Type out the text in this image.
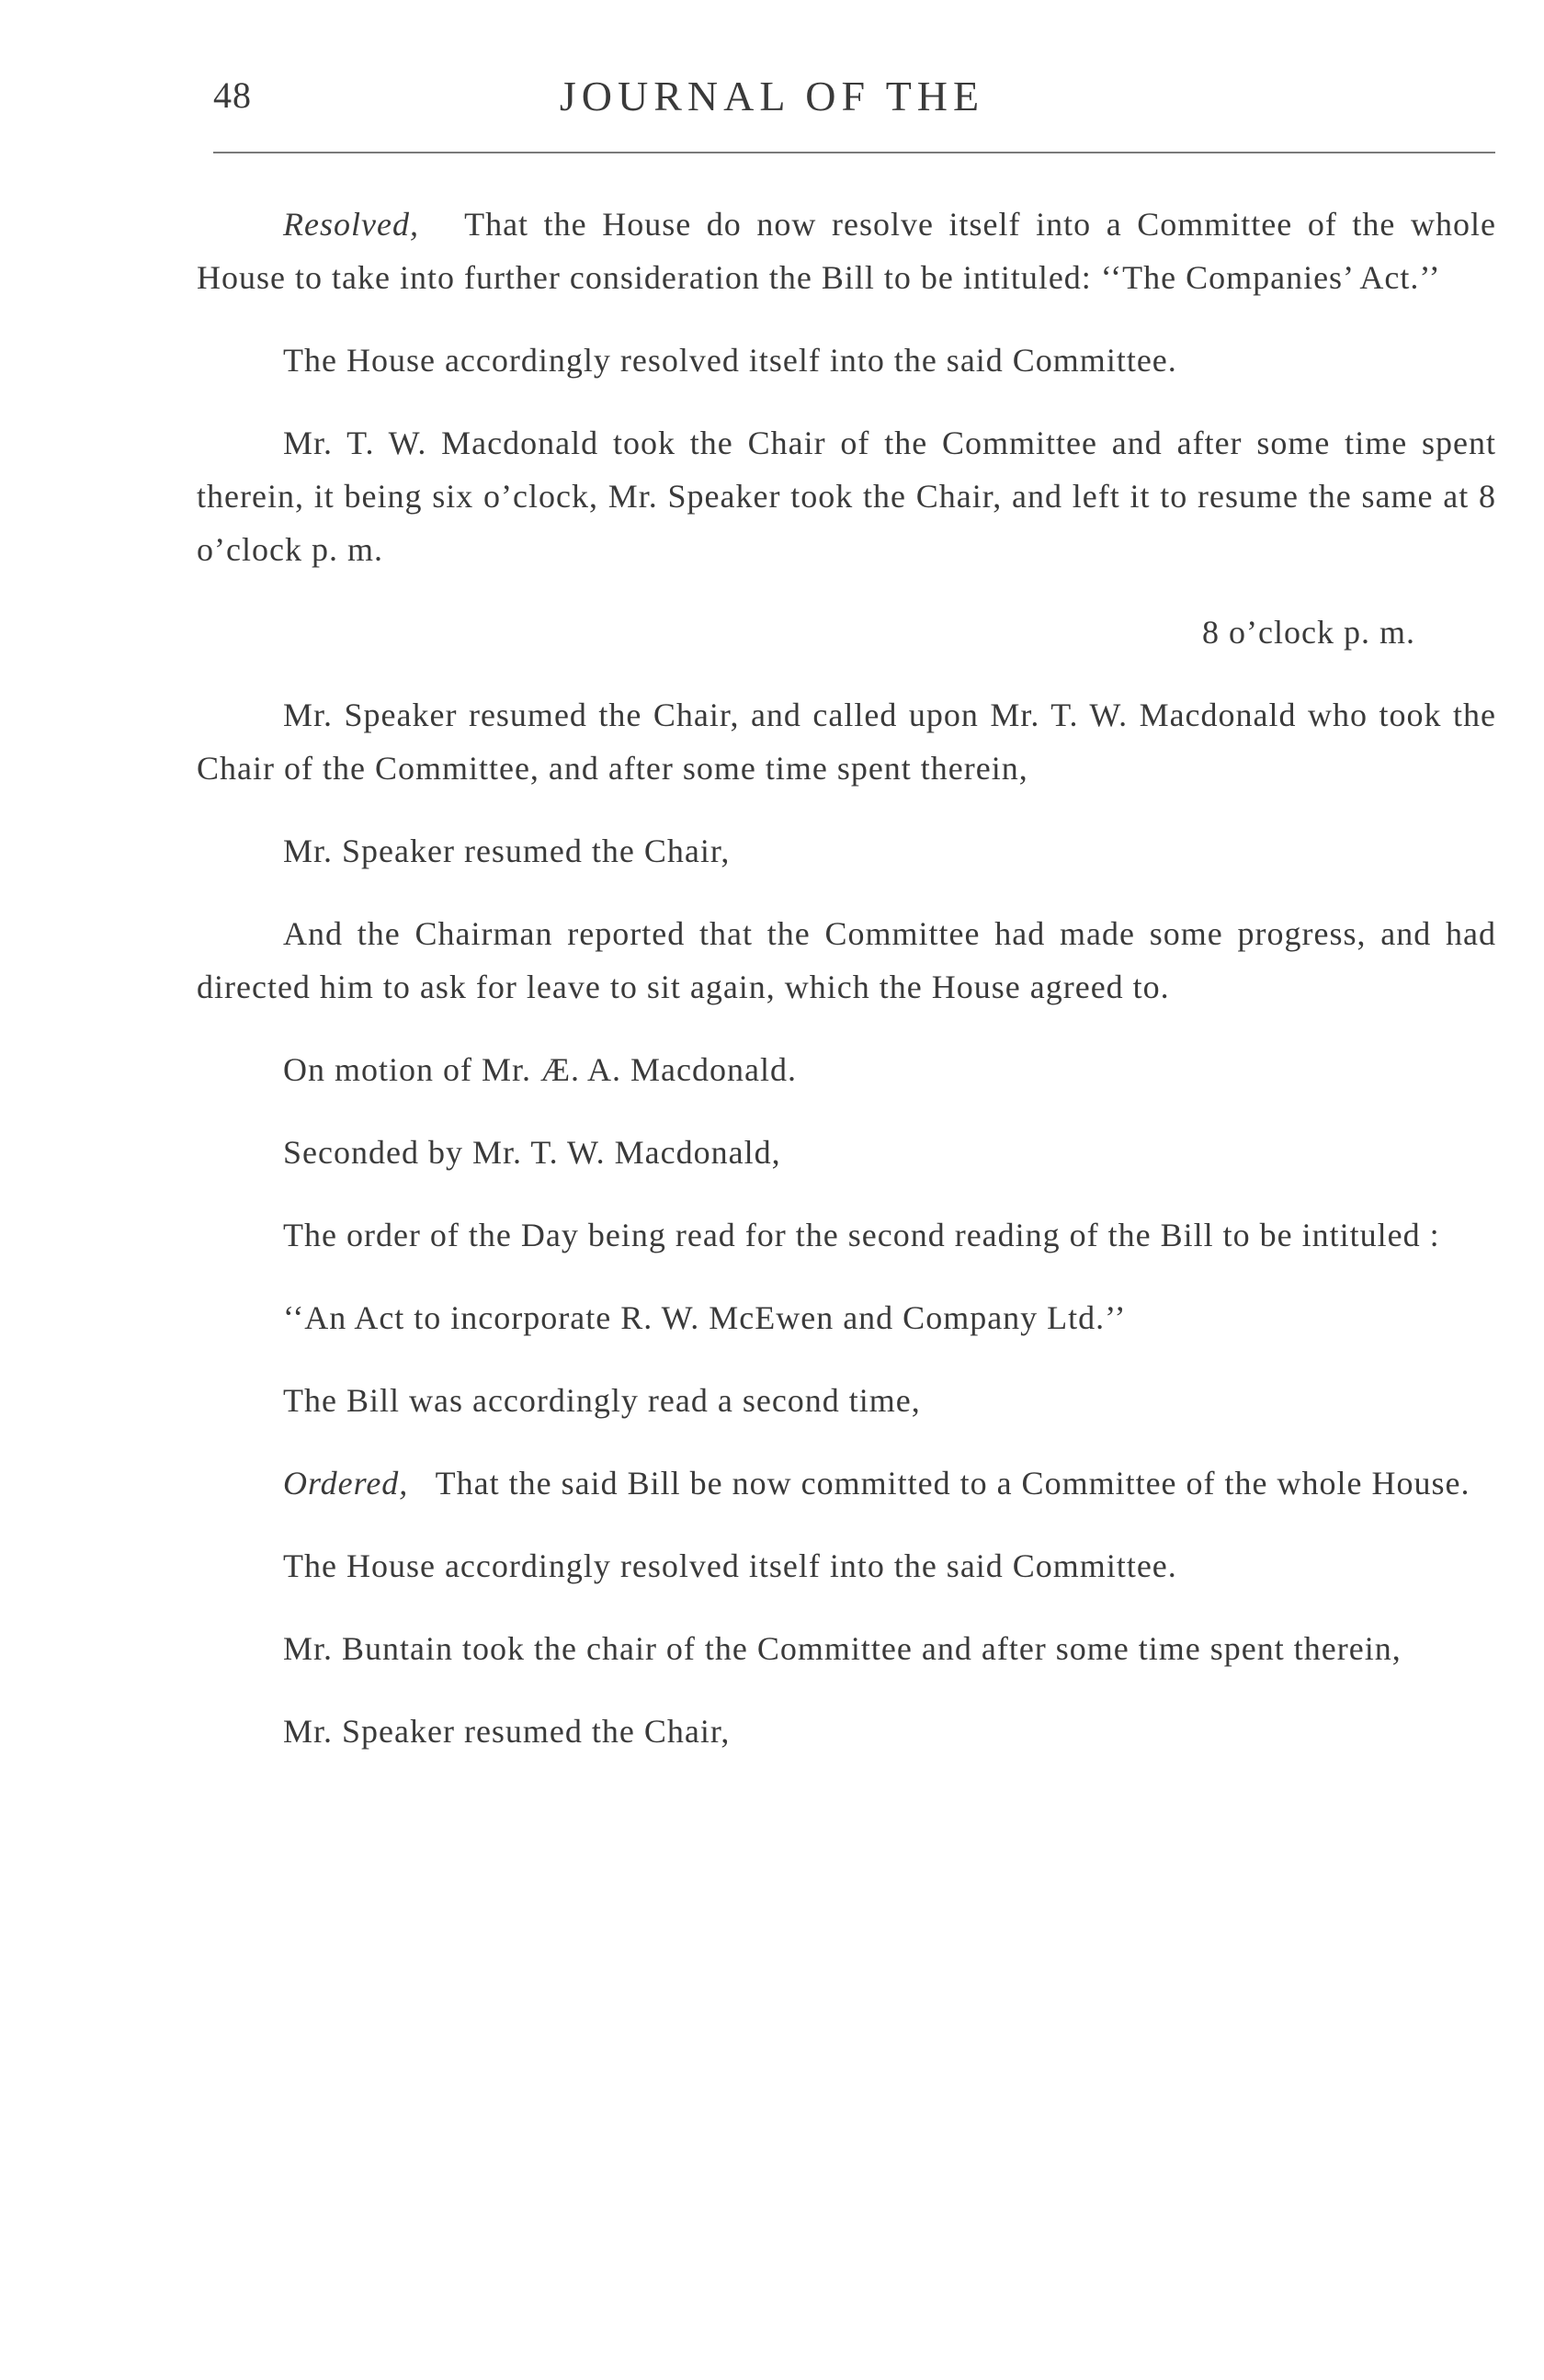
48	JOURNAL OF THE

Resolved, That the House do now resolve itself into a Committee of the whole House to take into further consideration the Bill to be intituled: ‘‘The Companies’ Act.’’

The House accordingly resolved itself into the said Committee.

Mr. T. W. Macdonald took the Chair of the Committee and after some time spent therein, it being six o’clock, Mr. Speaker took the Chair, and left it to resume the same at 8 o’clock p. m.

8 o’clock p. m.

Mr. Speaker resumed the Chair, and called upon Mr. T. W. Macdonald who took the Chair of the Committee, and after some time spent therein,

Mr. Speaker resumed the Chair,

And the Chairman reported that the Committee had made some progress, and had directed him to ask for leave to sit again, which the House agreed to.

On motion of Mr. Æ. A. Macdonald.

Seconded by Mr. T. W. Macdonald,

The order of the Day being read for the second reading of the Bill to be intituled :

‘‘An Act to incorporate R. W. McEwen and Company Ltd.’’

The Bill was accordingly read a second time,

Ordered, That the said Bill be now committed to a Committee of the whole House.

The House accordingly resolved itself into the said Committee.

Mr. Buntain took the chair of the Committee and after some time spent therein,

Mr. Speaker resumed the Chair,
